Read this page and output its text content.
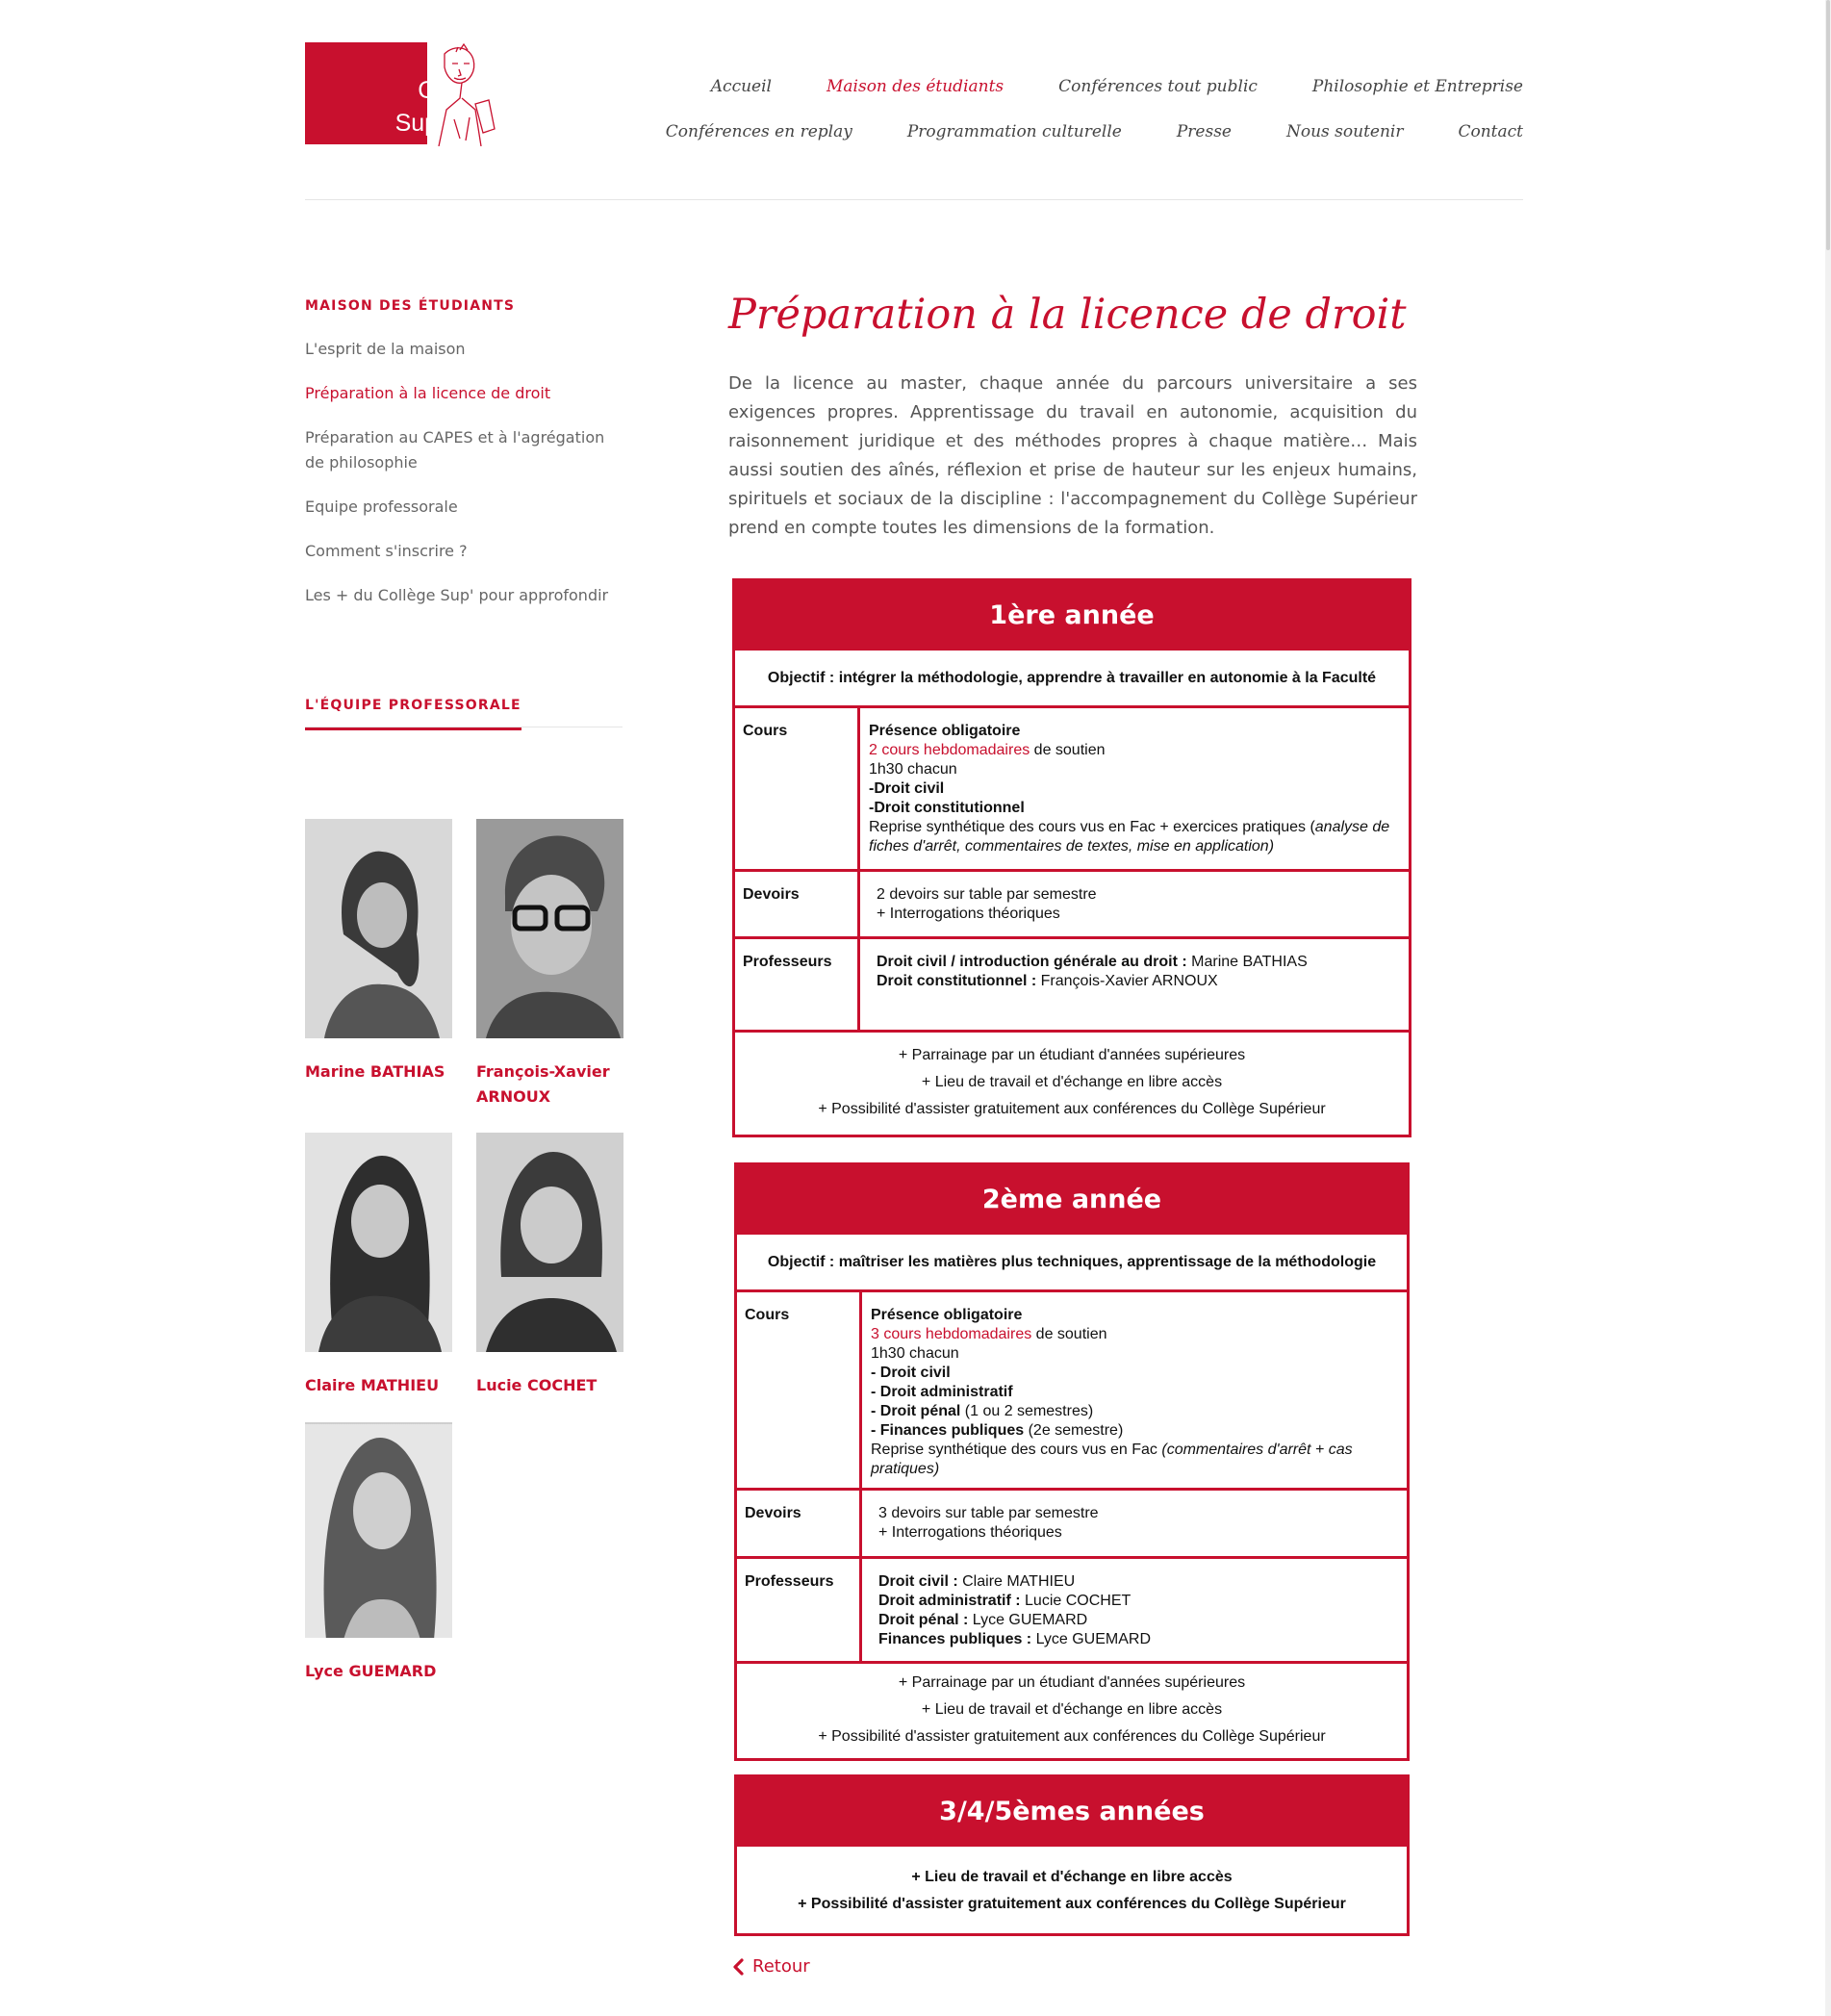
Le
Collège
Supérieur
Accueil	Maison des étudiants	Conférences tout public	Philosophie et Entreprise
Conférences en replay	Programmation culturelle	Presse	Nous soutenir	Contact
MAISON DES ÉTUDIANTS
L'esprit de la maison
Préparation à la licence de droit
Préparation au CAPES et à l'agrégation de philosophie
Equipe professorale
Comment s'inscrire ?
Les + du Collège Sup' pour approfondir
L'ÉQUIPE PROFESSORALE
Marine BATHIAS	François-Xavier ARNOUX
Claire MATHIEU	Lucie COCHET
Lyce GUEMARD
Préparation à la licence de droit

De la licence au master, chaque année du parcours universitaire a ses exigences propres. Apprentissage du travail en autonomie, acquisition du raisonnement juridique et des méthodes propres à chaque matière… Mais aussi soutien des aînés, réflexion et prise de hauteur sur les enjeux humains, spirituels et sociaux de la discipline : l'accompagnement du Collège Supérieur prend en compte toutes les dimensions de la formation.

1ère année
Objectif : intégrer la méthodologie, apprendre à travailler en autonomie à la Faculté
Cours	Présence obligatoire
2 cours hebdomadaires de soutien
1h30 chacun
-Droit civil
-Droit constitutionnel
Reprise synthétique des cours vus en Fac + exercices pratiques (analyse de fiches d'arrêt, commentaires de textes, mise en application)
Devoirs	2 devoirs sur table par semestre
+ Interrogations théoriques
Professeurs	Droit civil / introduction générale au droit : Marine BATHIAS
Droit constitutionnel : François-Xavier ARNOUX
+ Parrainage par un étudiant d'années supérieures
+ Lieu de travail et d'échange en libre accès
+ Possibilité d'assister gratuitement aux conférences du Collège Supérieur
2ème année
Objectif : maîtriser les matières plus techniques, apprentissage de la méthodologie
Cours	Présence obligatoire
3 cours hebdomadaires de soutien
1h30 chacun
- Droit civil
- Droit administratif
- Droit pénal (1 ou 2 semestres)
- Finances publiques (2e semestre)
Reprise synthétique des cours vus en Fac (commentaires d'arrêt + cas pratiques)
Devoirs	3 devoirs sur table par semestre
+ Interrogations théoriques
Professeurs	Droit civil : Claire MATHIEU
Droit administratif : Lucie COCHET
Droit pénal : Lyce GUEMARD
Finances publiques : Lyce GUEMARD
+ Parrainage par un étudiant d'années supérieures
+ Lieu de travail et d'échange en libre accès
+ Possibilité d'assister gratuitement aux conférences du Collège Supérieur
3/4/5èmes années
+ Lieu de travail et d'échange en libre accès
+ Possibilité d'assister gratuitement aux conférences du Collège Supérieur
Retour
